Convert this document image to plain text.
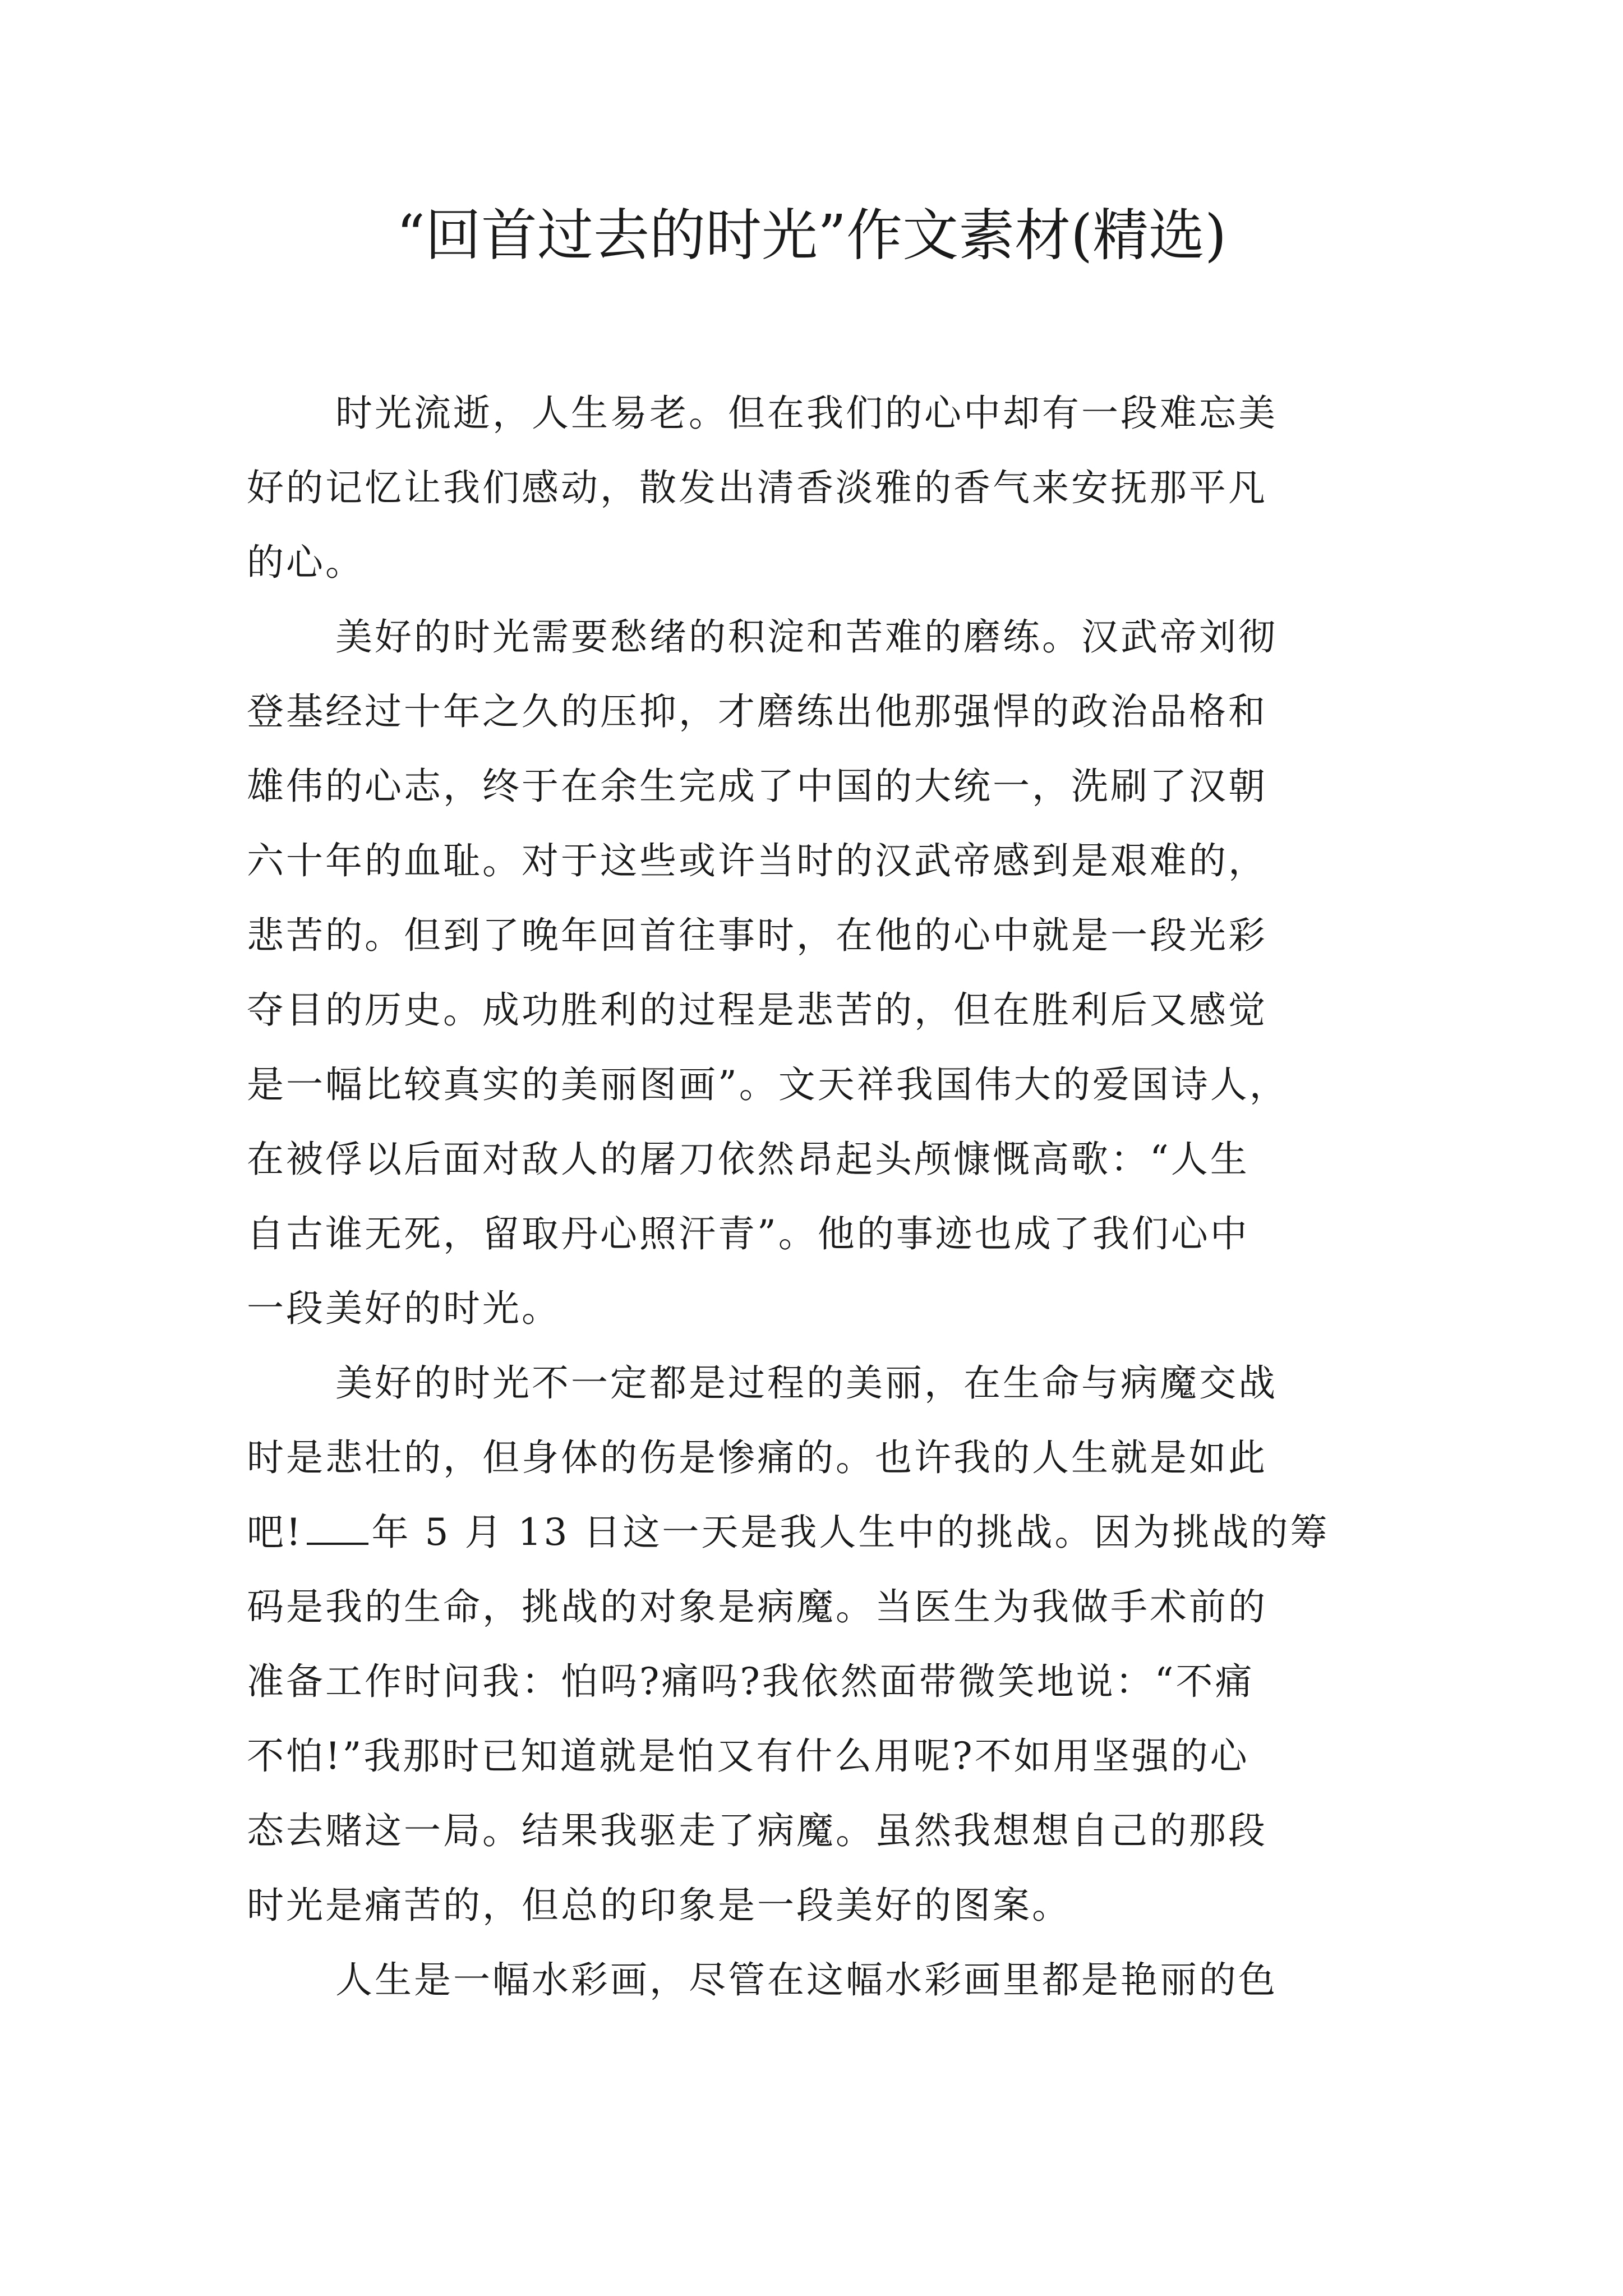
“回首过去的时光”作文素材(精选)
时光流逝，人生易老。但在我们的心中却有一段难忘美
好的记忆让我们感动，散发出清香淡雅的香气来安抚那平凡
的心。
美好的时光需要愁绪的积淀和苦难的磨练。汉武帝刘彻
登基经过十年之久的压抑，才磨练出他那强悍的政治品格和
雄伟的心志，终于在余生完成了中国的大统一，洗刷了汉朝
六十年的血耻。对于这些或许当时的汉武帝感到是艰难的，
悲苦的。但到了晚年回首往事时，在他的心中就是一段光彩
夺目的历史。成功胜利的过程是悲苦的，但在胜利后又感觉
是一幅比较真实的美丽图画”。文天祥我国伟大的爱国诗人，
在被俘以后面对敌人的屠刀依然昂起头颅慷慨高歌：“人生
自古谁无死，留取丹心照汗青”。他的事迹也成了我们心中
一段美好的时光。
美好的时光不一定都是过程的美丽，在生命与病魔交战
时是悲壮的，但身体的伤是惨痛的。也许我的人生就是如此
吧! 年 5 月 13 日这一天是我人生中的挑战。因为挑战的筹
码是我的生命，挑战的对象是病魔。当医生为我做手术前的
准备工作时问我：怕吗?痛吗?我依然面带微笑地说：“不痛
不怕!”我那时已知道就是怕又有什么用呢?不如用坚强的心
态去赌这一局。结果我驱走了病魔。虽然我想想自己的那段
时光是痛苦的，但总的印象是一段美好的图案。
人生是一幅水彩画，尽管在这幅水彩画里都是艳丽的色
